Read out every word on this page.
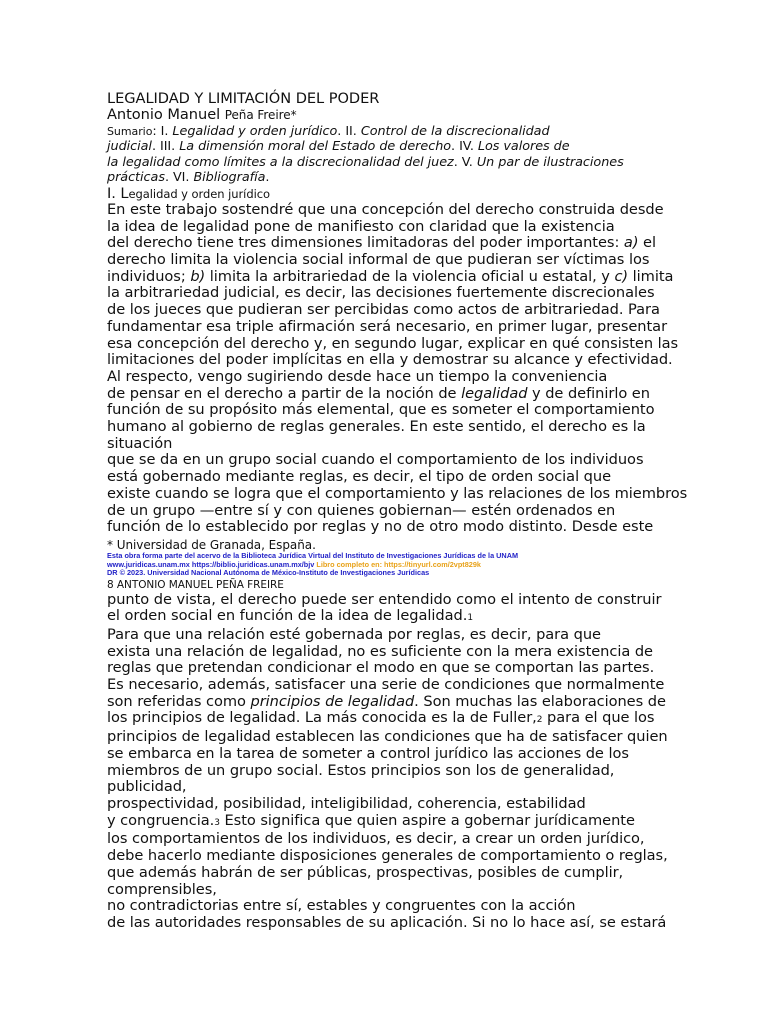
LEGALIDAD Y LIMITACIÓN DEL PODER
Antonio Manuel Peña Freire*
Sumario: I. Legalidad y orden jurídico. II. Control de la discrecionalidad
judicial. III. La dimensión moral del Estado de derecho. IV. Los valores de
la legalidad como límites a la discrecionalidad del juez. V. Un par de ilustraciones
prácticas. VI. Bibliografía.
I. Legalidad y orden jurídico
En este trabajo sostendré que una concepción del derecho construida desde
la idea de legalidad pone de manifiesto con claridad que la existencia
del derecho tiene tres dimensiones limitadoras del poder importantes: a) el
derecho limita la violencia social informal de que pudieran ser víctimas los
individuos; b) limita la arbitrariedad de la violencia oficial u estatal, y c) limita
la arbitrariedad judicial, es decir, las decisiones fuertemente discrecionales
de los jueces que pudieran ser percibidas como actos de arbitrariedad. Para
fundamentar esa triple afirmación será necesario, en primer lugar, presentar
esa concepción del derecho y, en segundo lugar, explicar en qué consisten las
limitaciones del poder implícitas en ella y demostrar su alcance y efectividad.
Al respecto, vengo sugiriendo desde hace un tiempo la conveniencia
de pensar en el derecho a partir de la noción de legalidad y de definirlo en
función de su propósito más elemental, que es someter el comportamiento
humano al gobierno de reglas generales. En este sentido, el derecho es la
situación
que se da en un grupo social cuando el comportamiento de los individuos
está gobernado mediante reglas, es decir, el tipo de orden social que
existe cuando se logra que el comportamiento y las relaciones de los miembros
de un grupo —entre sí y con quienes gobiernan— estén ordenados en
función de lo establecido por reglas y no de otro modo distinto. Desde este
* Universidad de Granada, España.
Esta obra forma parte del acervo de la Biblioteca Jurídica Virtual del Instituto de Investigaciones Jurídicas de la UNAM
www.juridicas.unam.mx https://biblio.juridicas.unam.mx/bjv Libro completo en: https://tinyurl.com/2vpt829k
DR © 2023. Universidad Nacional Autónoma de México-Instituto de Investigaciones Jurídicas
8 ANTONIO MANUEL PEÑA FREIRE
punto de vista, el derecho puede ser entendido como el intento de construir
el orden social en función de la idea de legalidad.1
Para que una relación esté gobernada por reglas, es decir, para que
exista una relación de legalidad, no es suficiente con la mera existencia de
reglas que pretendan condicionar el modo en que se comportan las partes.
Es necesario, además, satisfacer una serie de condiciones que normalmente
son referidas como principios de legalidad. Son muchas las elaboraciones de
los principios de legalidad. La más conocida es la de Fuller,2 para el que los
principios de legalidad establecen las condiciones que ha de satisfacer quien
se embarca en la tarea de someter a control jurídico las acciones de los
miembros de un grupo social. Estos principios son los de generalidad,
publicidad,
prospectividad, posibilidad, inteligibilidad, coherencia, estabilidad
y congruencia.3 Esto significa que quien aspire a gobernar jurídicamente
los comportamientos de los individuos, es decir, a crear un orden jurídico,
debe hacerlo mediante disposiciones generales de comportamiento o reglas,
que además habrán de ser públicas, prospectivas, posibles de cumplir,
comprensibles,
no contradictorias entre sí, estables y congruentes con la acción
de las autoridades responsables de su aplicación. Si no lo hace así, se estará
